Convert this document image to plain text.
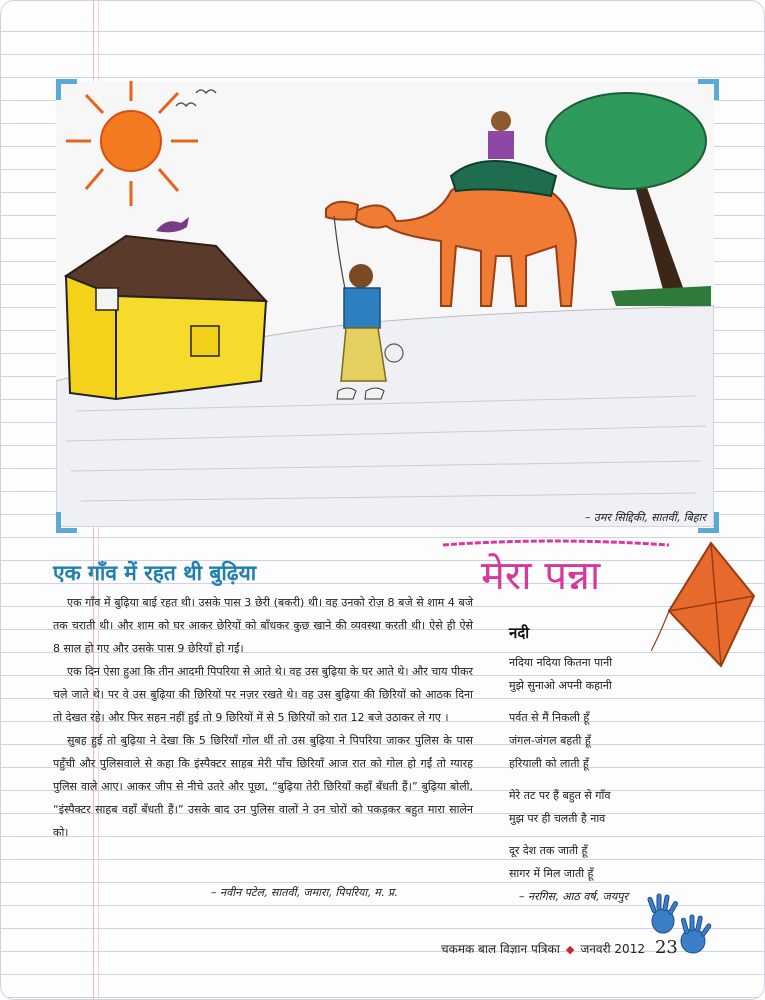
– उमर सिद्दिकी, सातवीं, बिहार
मेरा पन्ना
एक गाँव में रहत थी बुढ़िया

एक गाँव में बुढ़िया बाई रहत थी। उसके पास 3 छेरी (बकरी) थी। वह उनको रोज़ 8 बजे से शाम 4 बजे तक चराती थी। और शाम को घर आकर छेरियों को बाँधकर कुछ खाने की व्यवस्था करती थी। ऐसे ही ऐसे 8 साल हो गए और उसके पास 9 छेरियाँ हो गईं।

एक दिन ऐसा हुआ कि तीन आदमी पिपरिया से आते थे। वह उस बुढ़िया के घर आते थे। और चाय पीकर चले जाते थे। पर वे उस बुढ़िया की छिरियों पर नज़र रखते थे। वह उस बुढ़िया की छिरियों को आठक दिना तो देखत रहे। और फिर सहन नहीं हुई तो 9 छिरियों में से 5 छिरियों को रात 12 बजे उठाकर ले गए ।

सुबह हुई तो बुढ़िया ने देखा कि 5 छिरियाँ गोल थीं तो उस बुढ़िया ने पिपरिया जाकर पुलिस के पास पहुँची और पुलिसवाले से कहा कि इंस्पैक्टर साहब मेरी पाँच छिरियाँ आज रात को गोल हो गईं तो ग्यारह पुलिस वाले आए। आकर जीप से नीचे उतरे और पूछा, “बुढ़िया तेरी छिरियाँ कहाँ बँधती हैं।” बुढ़िया बोली, “इंस्पैक्टर साहब वहाँ बँधती हैं।” उसके बाद उन पुलिस वालों ने उन चोरों को पकड़कर बहुत मारा सालेन को।

– नवीन पटेल, सातवीं, जमारा, पिपरिया, म. प्र.
नदी

नदिया नदिया कितना पानी
मुझे सुनाओ अपनी कहानी

पर्वत से मैं निकली हूँ
जंगल-जंगल बहती हूँ
हरियाली को लाती हूँ

मेरे तट पर हैं बहुत से गाँव
मुझ पर ही चलती है नाव

दूर देश तक जाती हूँ
सागर में मिल जाती हूँ

– नरगिस, आठ वर्ष, जयपुर
चकमक बाल विज्ञान पत्रिका ◆ जनवरी 2012 23
